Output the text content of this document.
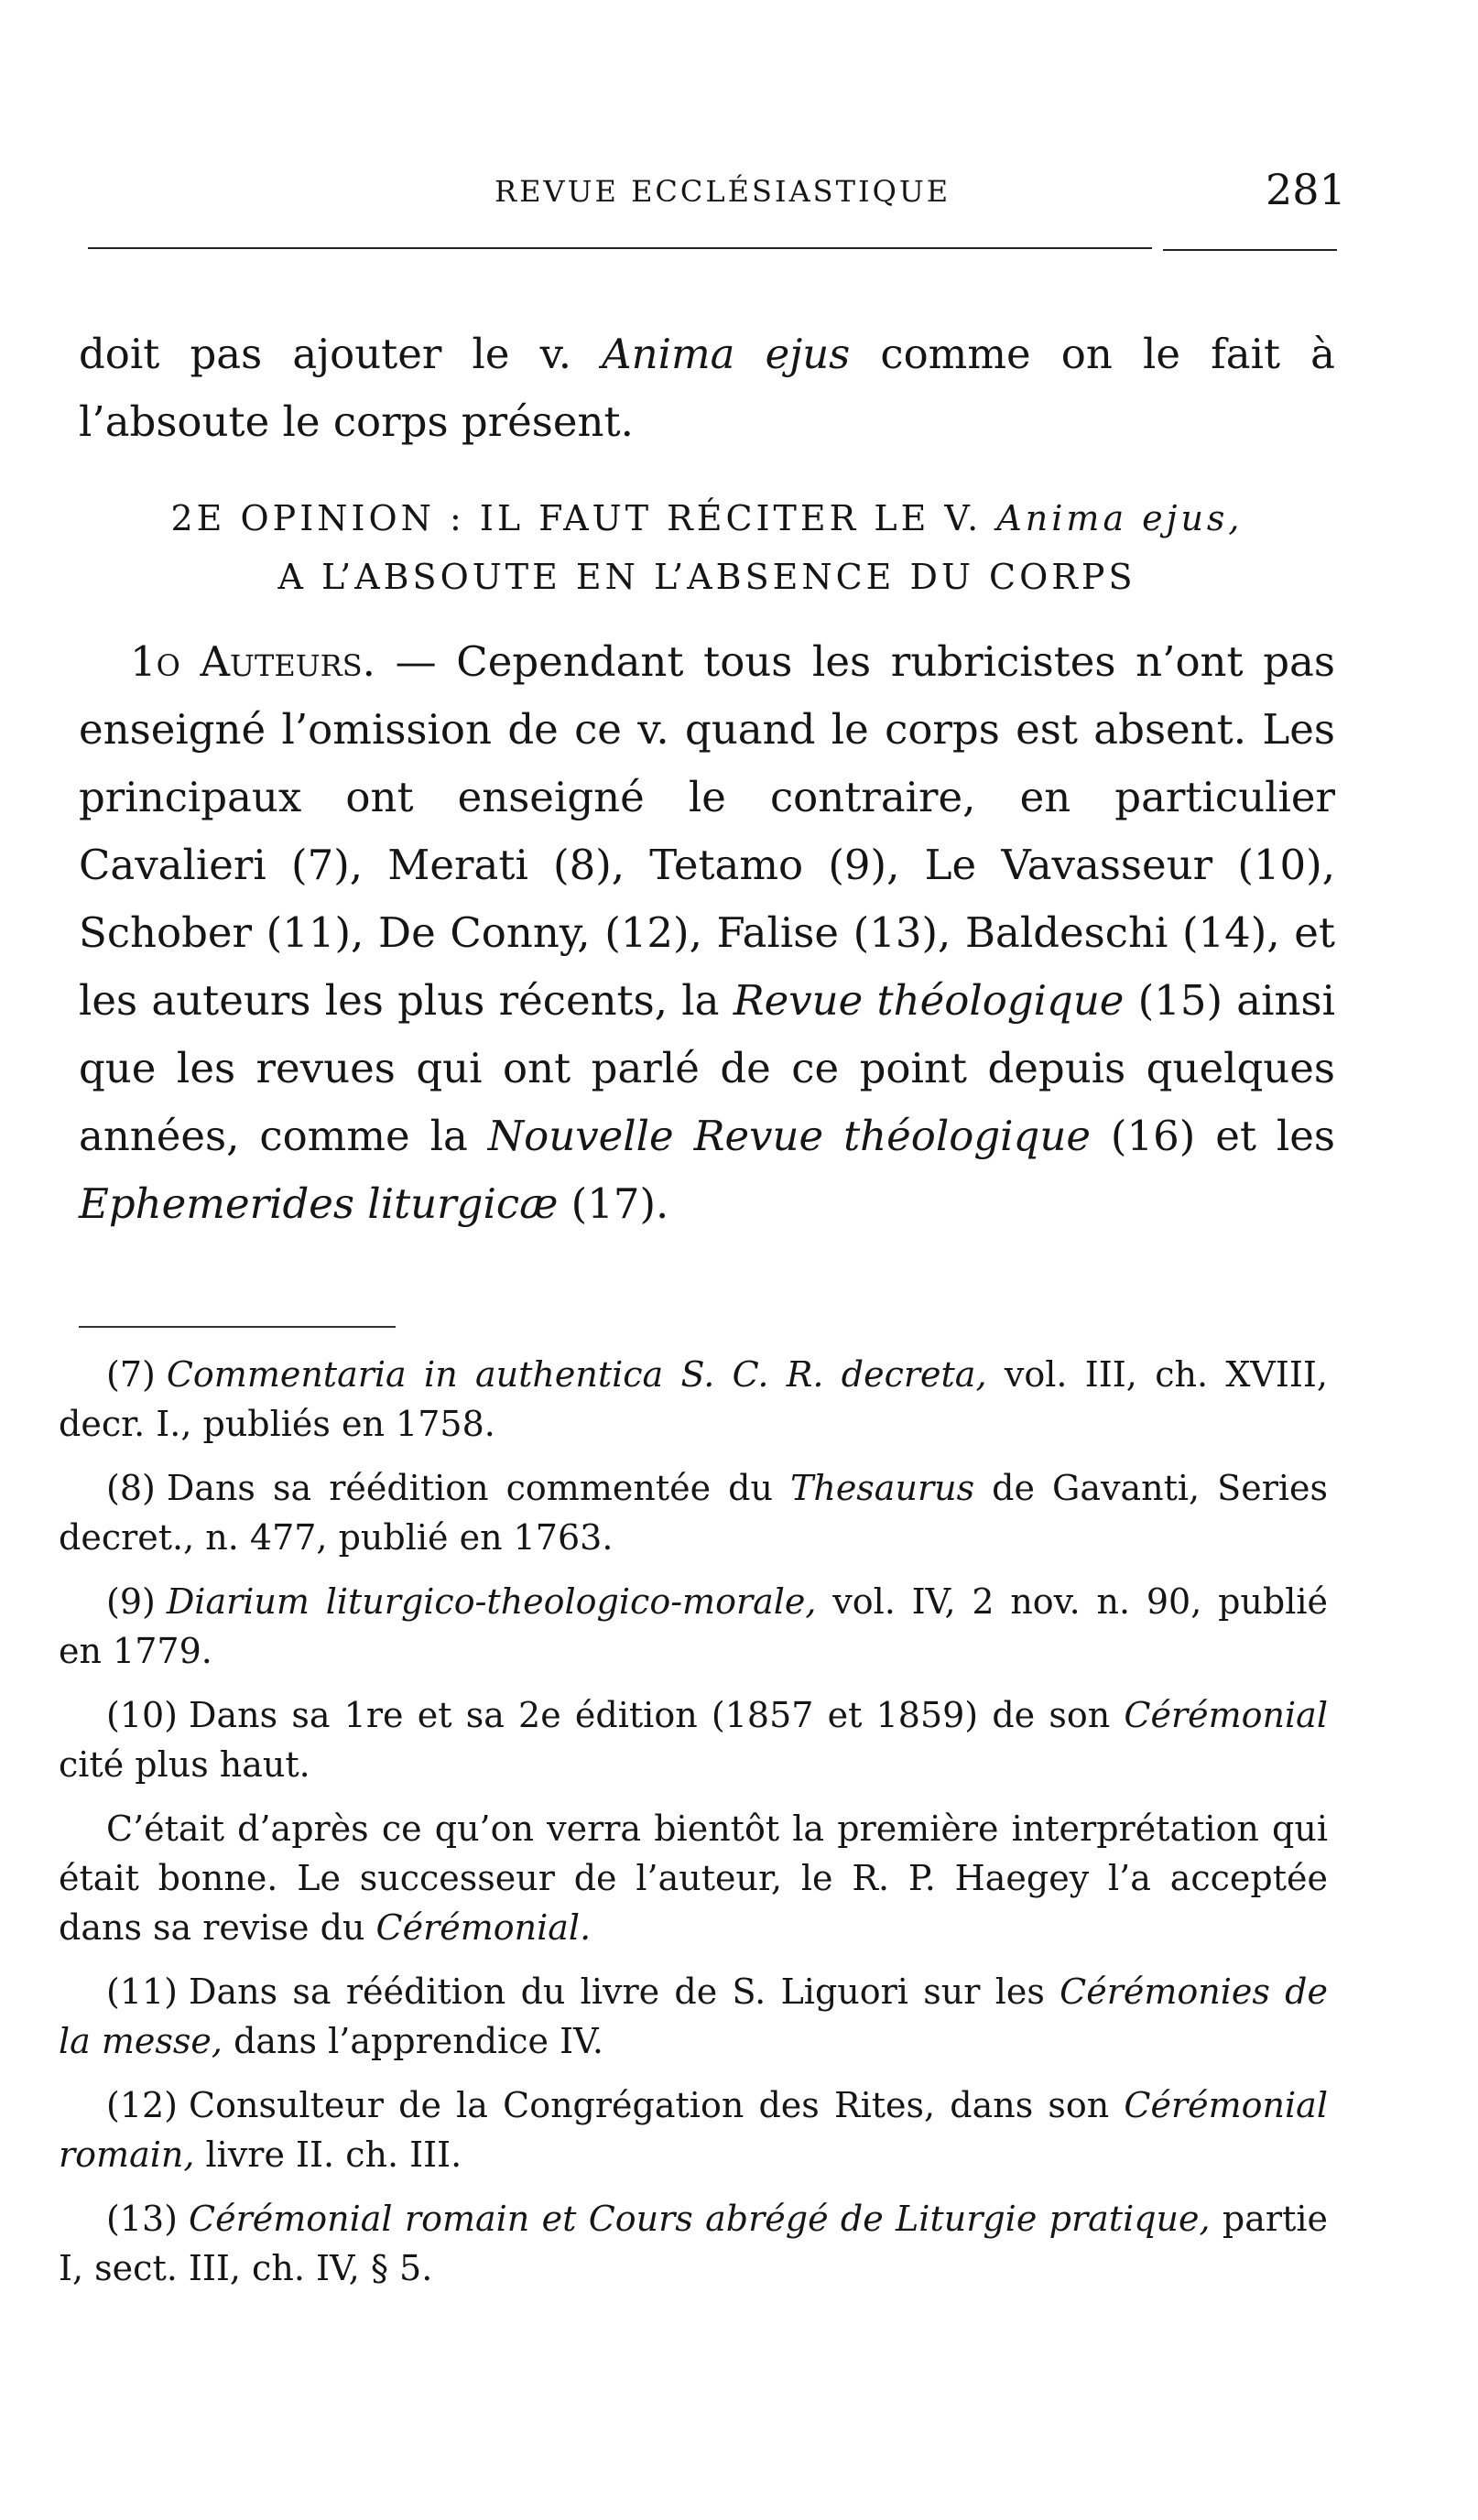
REVUE ECCLÉSIASTIQUE	281

doit pas ajouter le v. Anima ejus comme on le fait à l’absoute le corps présent.

2E OPINION : IL FAUT RÉCITER LE V. Anima ejus,
A L’ABSOUTE EN L’ABSENCE DU CORPS

1o Auteurs. — Cependant tous les rubricistes n’ont pas enseigné l’omission de ce v. quand le corps est absent. Les principaux ont enseigné le contraire, en particulier Cavalieri (7), Merati (8), Tetamo (9), Le Vavasseur (10), Schober (11), De Conny, (12), Falise (13), Baldeschi (14), et les auteurs les plus récents, la Revue théologique (15) ainsi que les revues qui ont parlé de ce point depuis quelques années, comme la Nouvelle Revue théologique (16) et les Ephemerides liturgicæ (17).

(7) Commentaria in authentica S. C. R. decreta, vol. III, ch. XVIII, decr. I., publiés en 1758.

(8) Dans sa réédition commentée du Thesaurus de Gavanti, Series decret., n. 477, publié en 1763.

(9) Diarium liturgico-theologico-morale, vol. IV, 2 nov. n. 90, publié en 1779.

(10) Dans sa 1re et sa 2e édition (1857 et 1859) de son Cérémonial cité plus haut.

C’était d’après ce qu’on verra bientôt la première interprétation qui était bonne. Le successeur de l’auteur, le R. P. Haegey l’a acceptée dans sa revise du Cérémonial.

(11) Dans sa réédition du livre de S. Liguori sur les Cérémonies de la messe, dans l’apprendice IV.

(12) Consulteur de la Congrégation des Rites, dans son Cérémonial romain, livre II. ch. III.

(13) Cérémonial romain et Cours abrégé de Liturgie pratique, partie I, sect. III, ch. IV, § 5.
